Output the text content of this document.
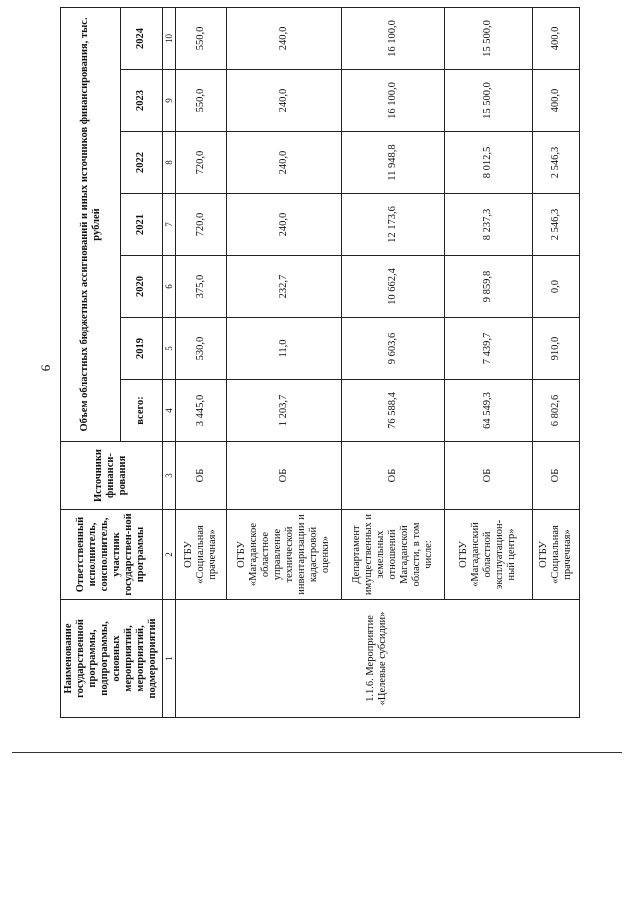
9
Наименование государственной программы, подпрограммы, основных мероприятий, мероприятий, подмероприятий	Ответственный исполнитель, соисполнитель, участник государствен-ной программы	Источники финанси-рования	Объем областных бюджетных ассигнований и иных источников финансирования, тыс. рублей						
			всего:	2019	2020	2021	2022	2023	2024
1	2	3	4	5	6	7	8	9	10
1.1.6. Мероприятие «Целевые субсидии»	ОГБУ «Социальная прачечная»	ОБ	3 445,0	530,0	375,0	720,0	720,0	550,0	550,0
	ОГБУ «Магаданское областное управление технической инвентаризации и кадастровой оценки»	ОБ	1 203,7	11,0	232,7	240,0	240,0	240,0	240,0
	Департамент имущественных и земельных отношений Магаданской области, в том числе:	ОБ	76 588,4	9 603,6	10 662,4	12 173,6	11 948,8	16 100,0	16 100,0
	ОГБУ «Магаданский областной эксплуатацион-ный центр»	ОБ	64 549,3	7 439,7	9 859,8	8 237,3	8 012,5	15 500,0	15 500,0
	ОГБУ «Социальная прачечная»	ОБ	6 802,6	910,0	0,0	2 546,3	2 546,3	400,0	400,0
